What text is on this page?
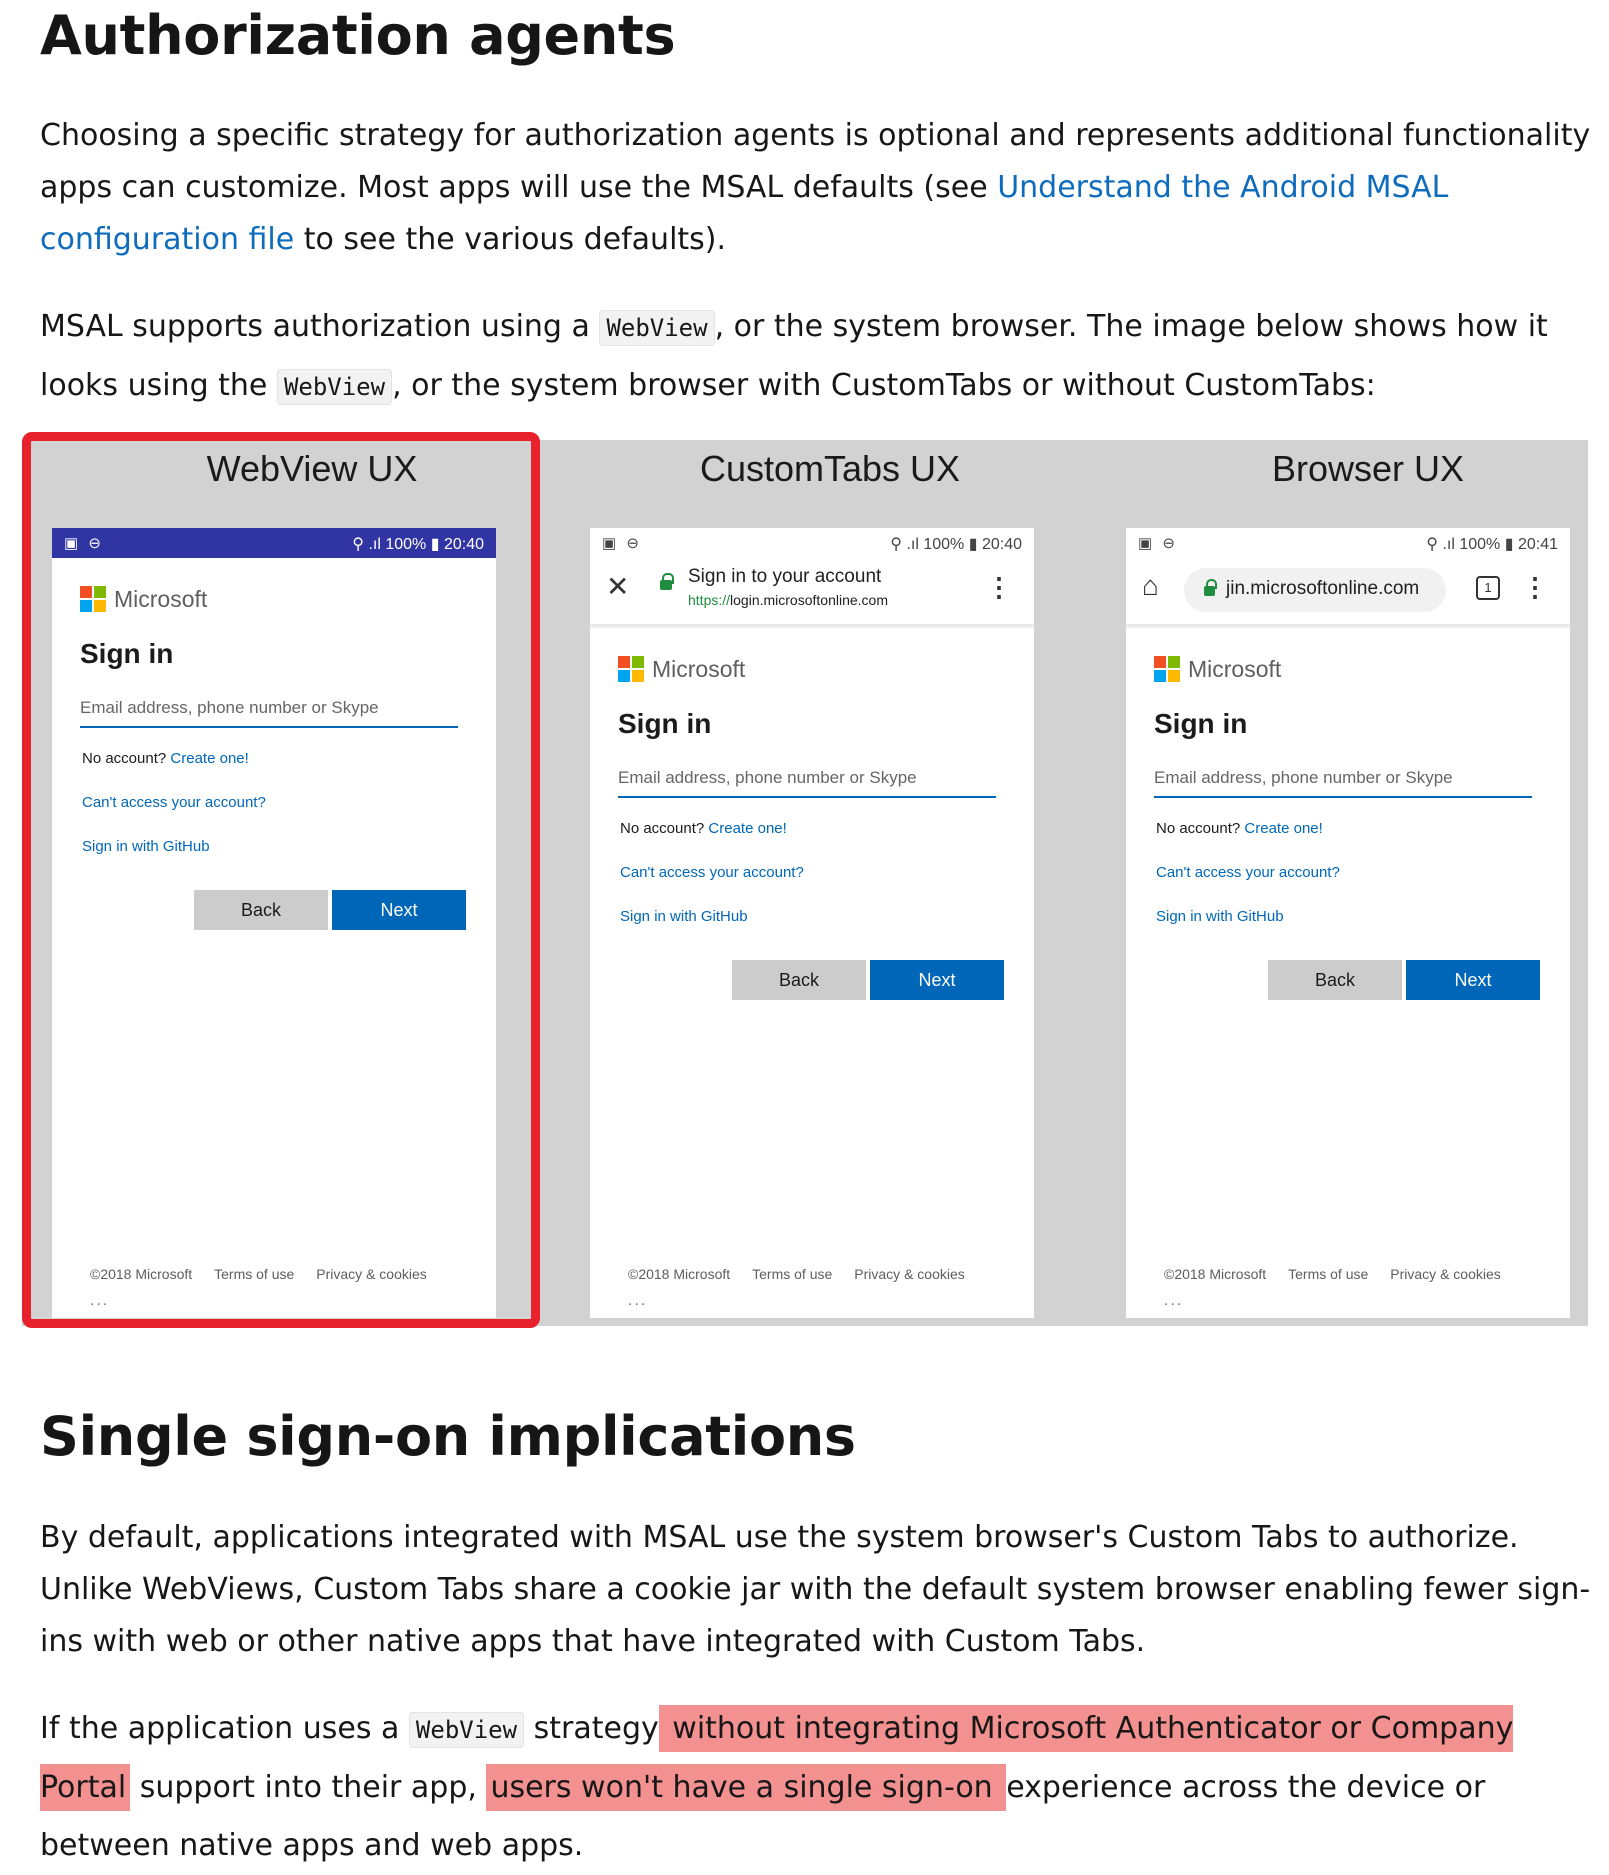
Authorization agents

Choosing a specific strategy for authorization agents is optional and represents additional functionality apps can customize. Most apps will use the MSAL defaults (see Understand the Android MSAL configuration file to see the various defaults).

MSAL supports authorization using a WebView , or the system browser. The image below shows how it looks using the WebView , or the system browser with CustomTabs or without CustomTabs:

WebView UX
▣ ⊖	⚲ .ıl 100% ▮ 20:40
Microsoft
Sign in
Email address, phone number or Skype
No account? Create one!
Can't access your account?
Sign in with GitHub
Back	Next
©2018 Microsoft Terms of use Privacy & cookies
...
CustomTabs UX
▣ ⊖	⚲ .ıl 100% ▮ 20:40
✕	Sign in to your account
https://login.microsoftonline.com	⋮
Microsoft
Sign in
Email address, phone number or Skype
No account? Create one!
Can't access your account?
Sign in with GitHub
Back	Next
©2018 Microsoft Terms of use Privacy & cookies
...
Browser UX
▣ ⊖	⚲ .ıl 100% ▮ 20:41
⌂	jin.microsoftonline.com	1	⋮
Microsoft
Sign in
Email address, phone number or Skype
No account? Create one!
Can't access your account?
Sign in with GitHub
Back	Next
©2018 Microsoft Terms of use Privacy & cookies
...
Single sign-on implications

By default, applications integrated with MSAL use the system browser's Custom Tabs to authorize. Unlike WebViews, Custom Tabs share a cookie jar with the default system browser enabling fewer sign-ins with web or other native apps that have integrated with Custom Tabs.

If the application uses a WebView strategy without integrating Microsoft Authenticator or Company Portal support into their app, users won't have a single sign-on experience across the device or between native apps and web apps.
